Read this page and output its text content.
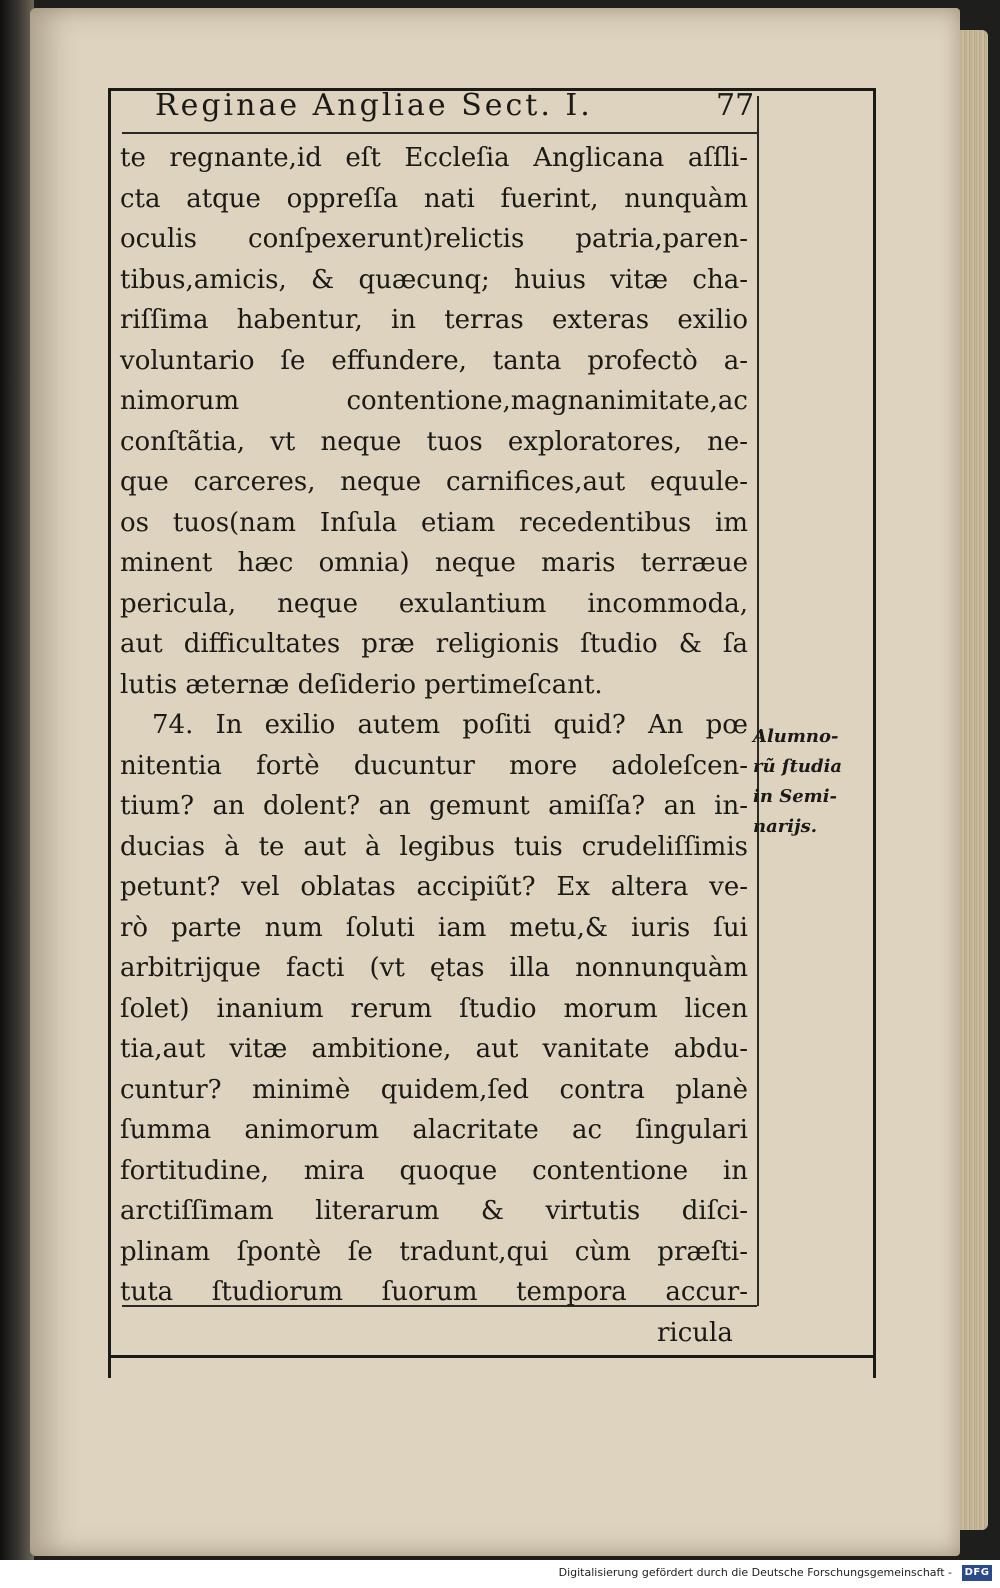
Reginae Angliae Sect. I.	77
te regnante,id eſt Eccleſia Anglicana aſſli-
cta atque oppreſſa nati fuerint, nunquàm
oculis conſpexerunt)relictis patria,paren-
tibus,amicis, & quæcunq; huius vitæ cha-
riſſima habentur, in terras exteras exilio
voluntario ſe effundere, tanta profectò a-
nimorum contentione,magnanimitate,ac
conſtãtia, vt neque tuos exploratores, ne-
que carceres, neque carnifices,aut equule-
os tuos(nam Inſula etiam recedentibus im
minent hæc omnia) neque maris terræue
pericula, neque exulantium incommoda,
aut difficultates præ religionis ſtudio & ſa
lutis æternæ deſiderio pertimeſcant.
74. In exilio autem poſiti quid? An pœ
nitentia fortè ducuntur more adoleſcen-
tium? an dolent? an gemunt amiſſa? an in-
ducias à te aut à legibus tuis crudeliſſimis
petunt? vel oblatas accipiũt? Ex altera ve-
rò parte num ſoluti iam metu,& iuris ſui
arbitrijque facti (vt ętas illa nonnunquàm
ſolet) inanium rerum ſtudio morum licen
tia,aut vitæ ambitione, aut vanitate abdu-
cuntur? minimè quidem,ſed contra planè
ſumma animorum alacritate ac ſingulari
fortitudine, mira quoque contentione in
arctiſſimam literarum & virtutis diſci-
plinam ſpontè ſe tradunt,qui cùm præſti-
tuta ſtudiorum ſuorum tempora accur-
Alumno-
rũ ſtudia
in Semi-
narijs.
ricula
Digitalisierung gefördert durch die Deutsche Forschungsgemeinschaft - DFG
